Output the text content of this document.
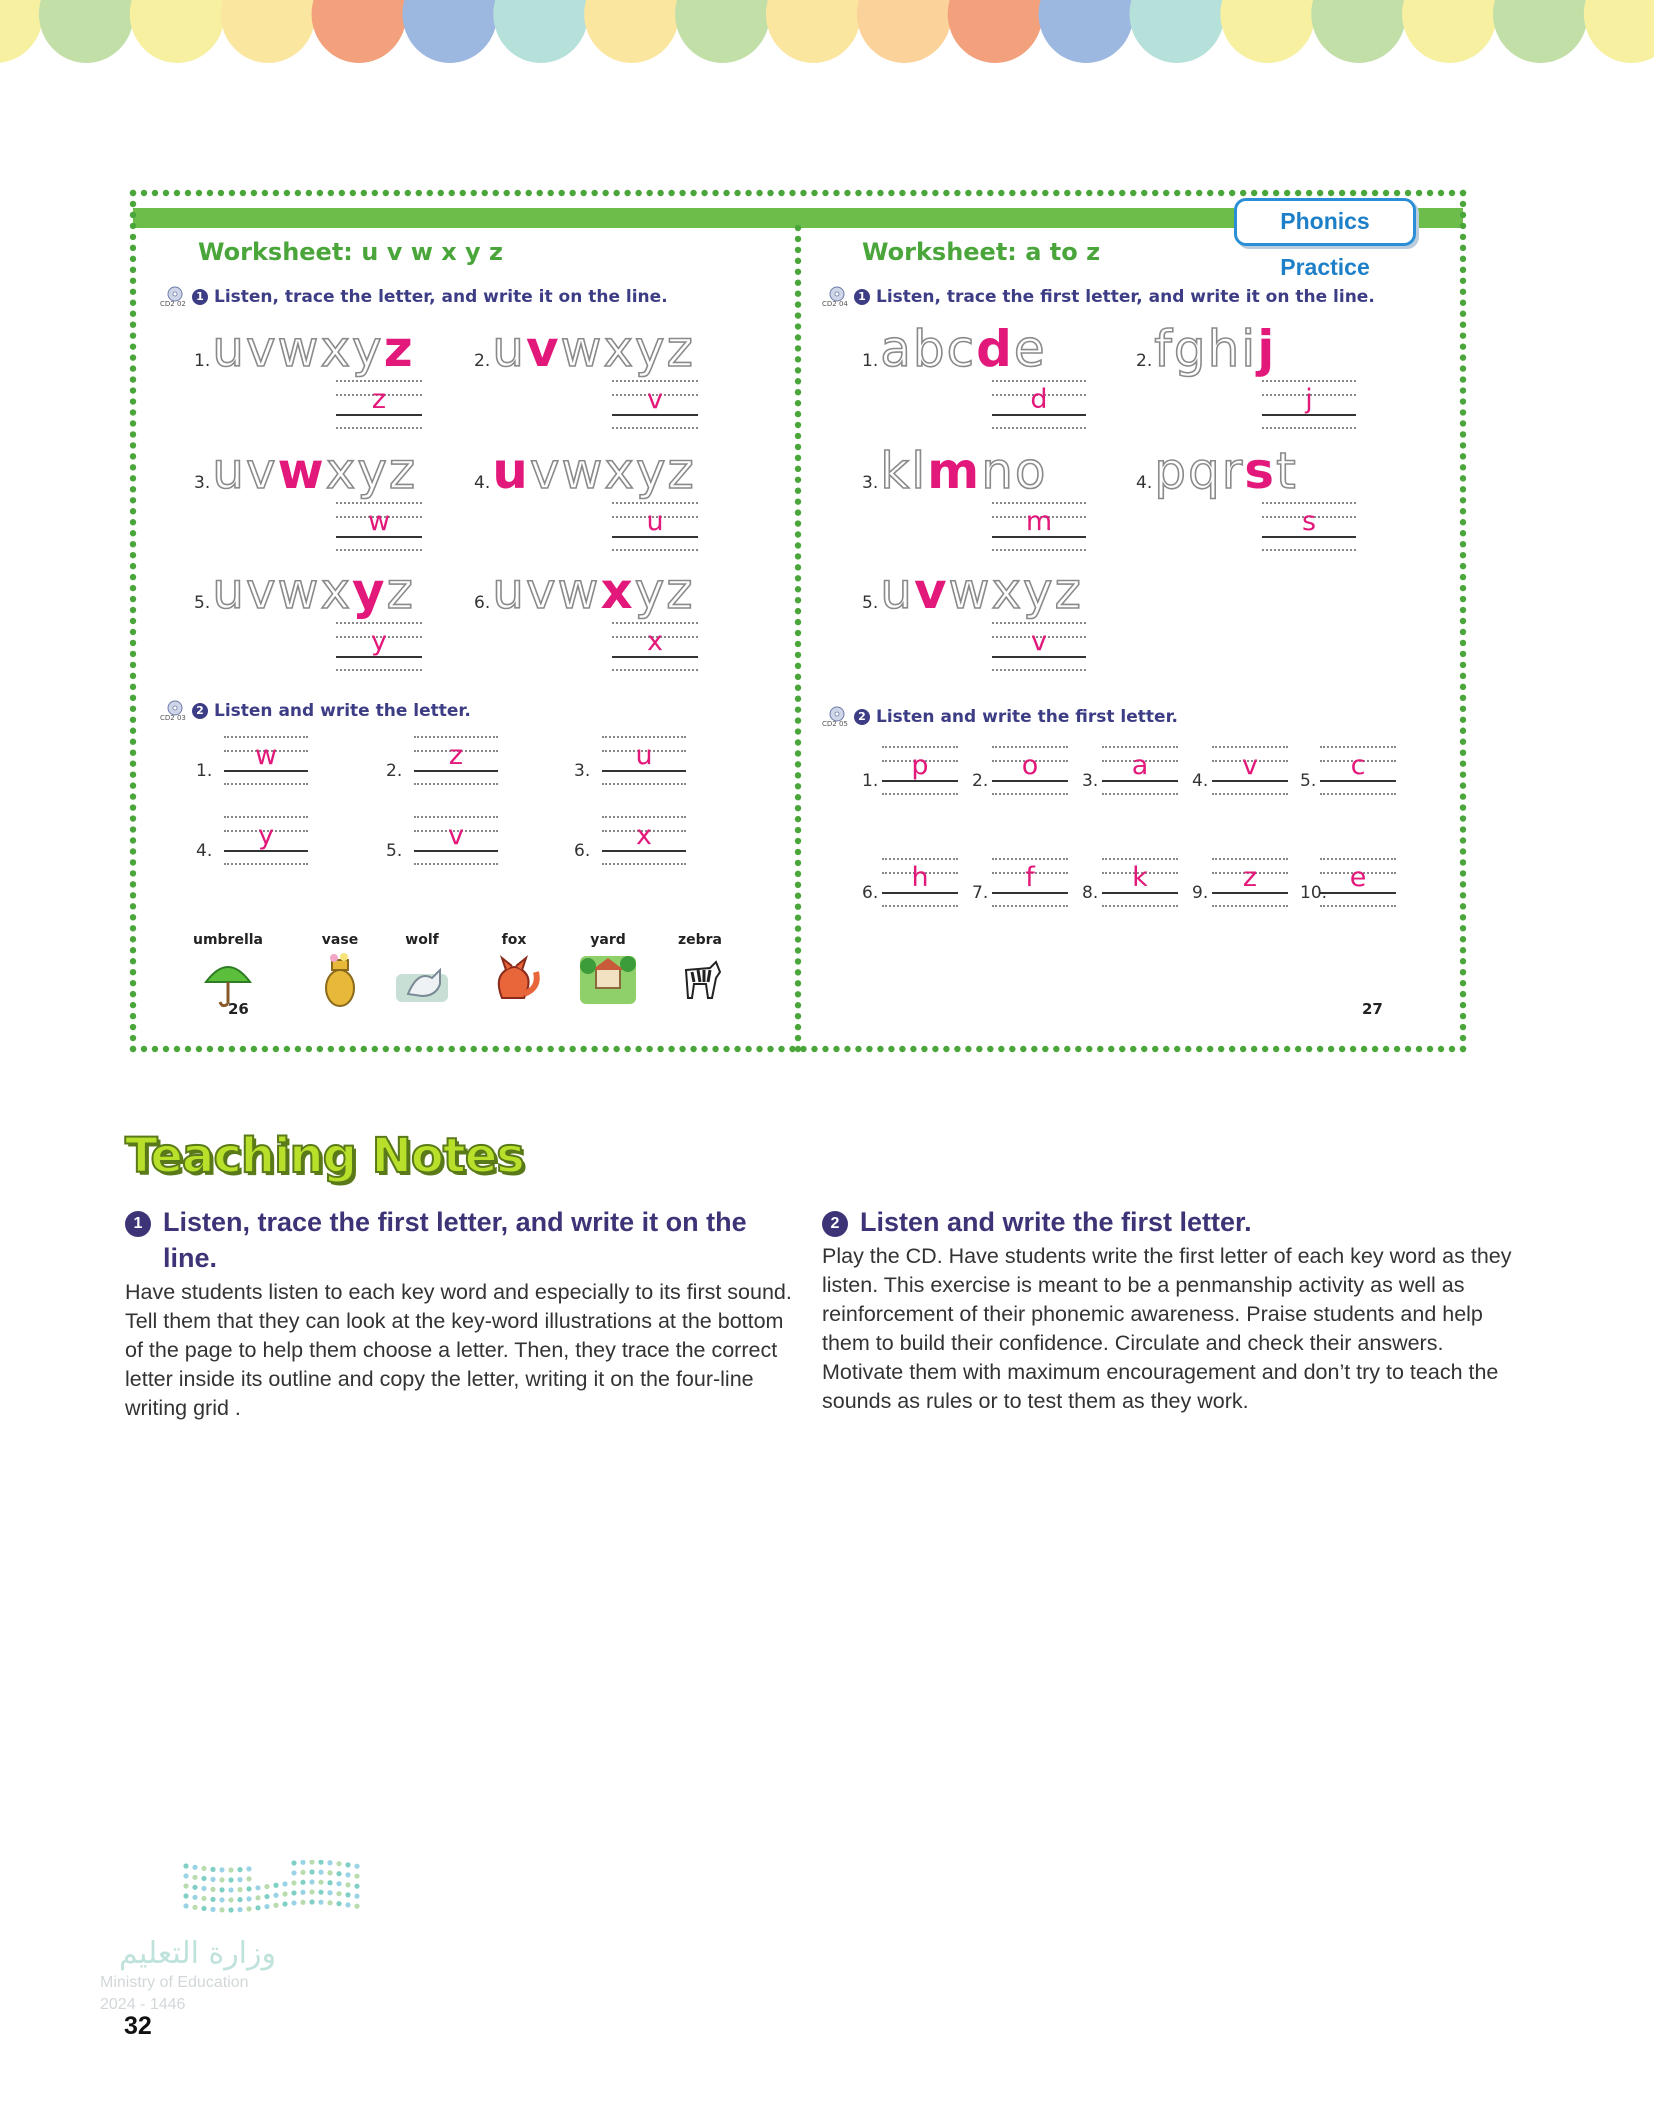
Worksheet: u v w x y z
CD2 02
1 Listen, trace the letter, and write it on the line.
1. u v w x y z
z
2. u v w x y z
v
3. u v w x y z
w
4. u v w x y z
u
5. u v w x y z
y
6. u v w x y z
x
CD2 03
2 Listen and write the letter.
1.	w	2.	z	3.	u
4.	y	5.	v	6.	x
umbrella	vase	wolf	fox	yard	zebra
26
Worksheet: a to z
CD2 04
1 Listen, trace the first letter, and write it on the line.
1. a b c d e
d
2. f g h i j
j
3. k l m n o
m
4. p q r s t
s
5. u v w x y z
v
CD2 05
2 Listen and write the first letter.
1.	p	2.	o	3.	a	4.	v	5.	c
6.	h	7.	f	8.	k	9.	z	10. e
27
Phonics Practice
Teaching Notes
1 Listen, trace the first letter, and write it on the line.
Have students listen to each key word and especially to its first sound. Tell them that they can look at the key-word illustrations at the bottom of the page to help them choose a letter. Then, they trace the correct letter inside its outline and copy the letter, writing it on the four-line writing grid .
2 Listen and write the first letter.
Play the CD. Have students write the first letter of each key word as they listen. This exercise is meant to be a penmanship activity as well as reinforcement of their phonemic awareness. Praise students and help them to build their confidence. Circulate and check their answers. Motivate them with maximum encouragement and don’t try to teach the sounds as rules or to test them as they work.
وزارة التعليم
Ministry of Education
2024 - 1446
32
